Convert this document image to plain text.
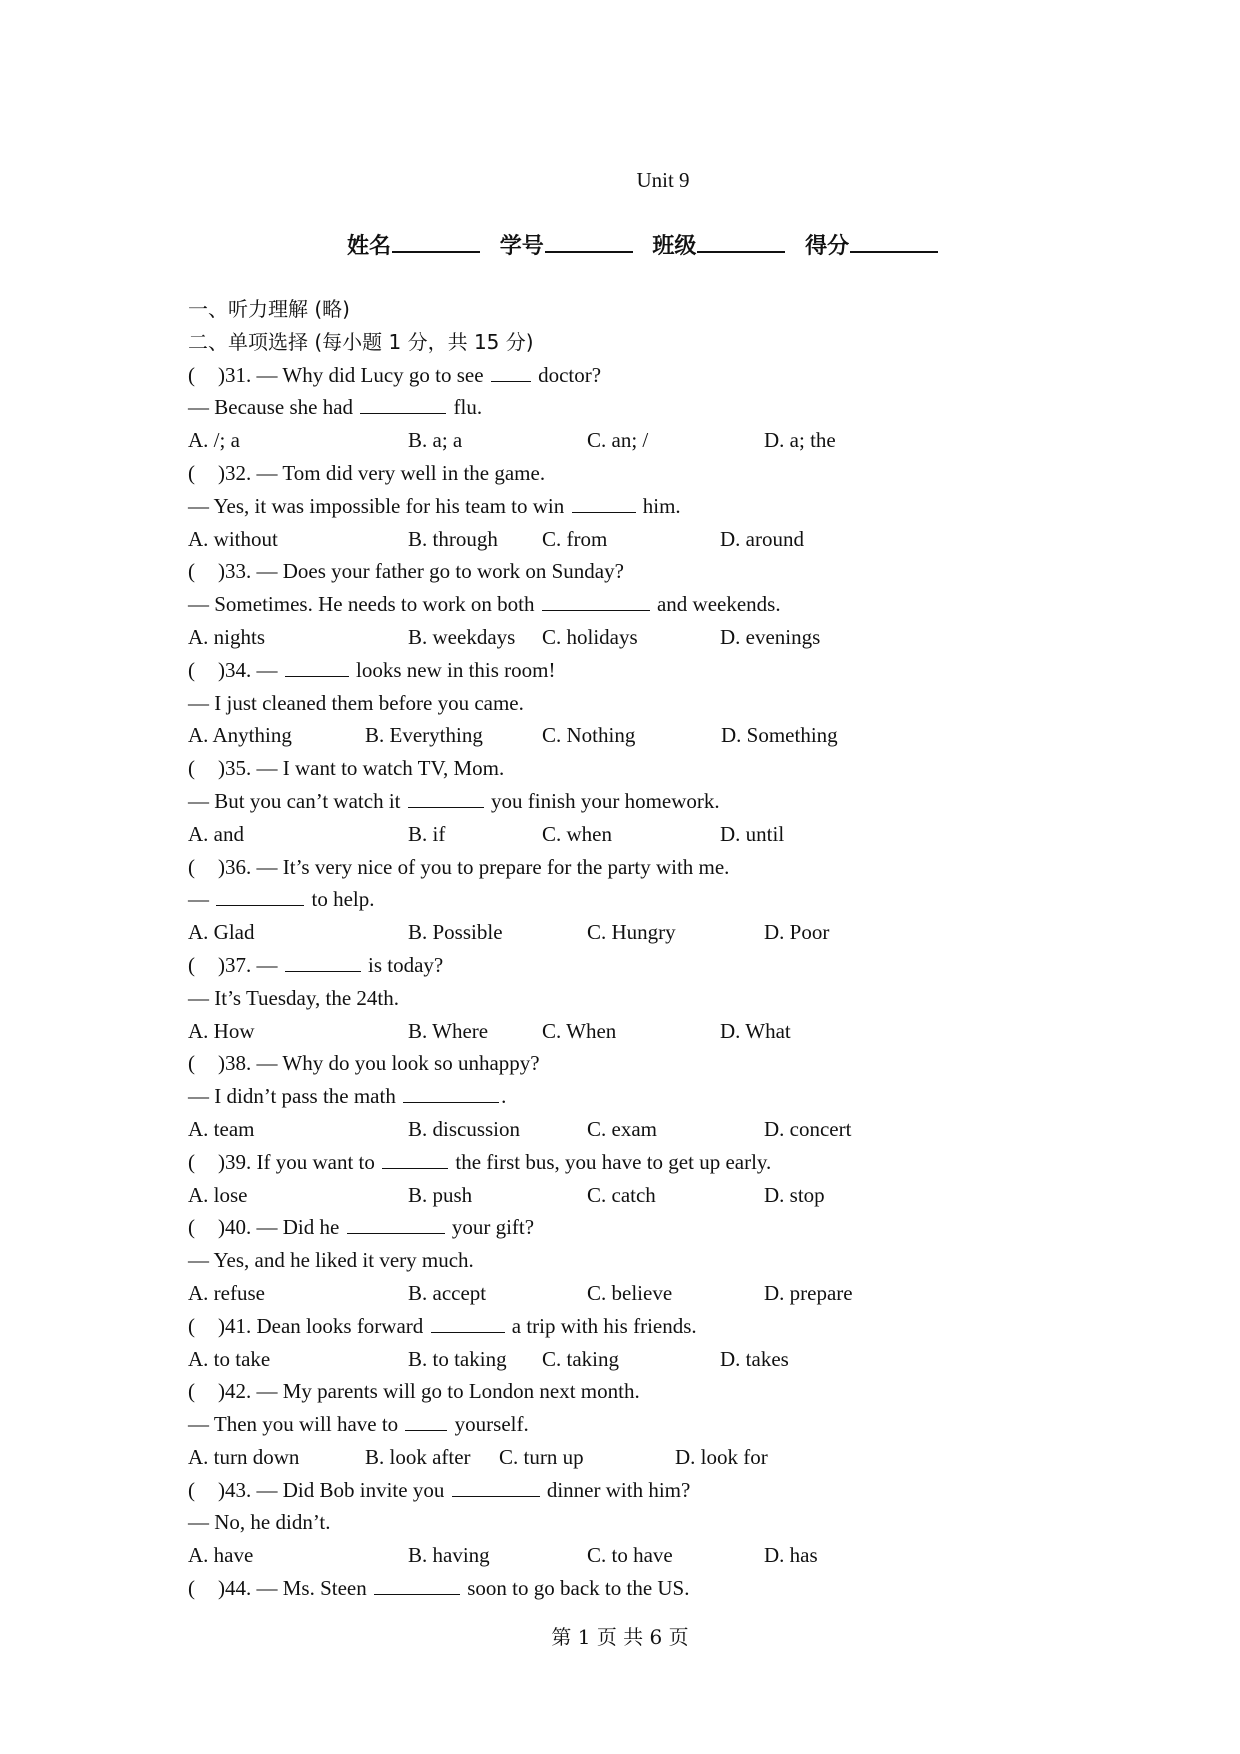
Unit 9
姓名	学号	班级	得分
一、听力理解 (略)
二、单项选择 (每小题 1 分，共 15 分)
( )31. — Why did Lucy go to see  doctor?
— Because she had	flu.
A. /; a	B. a; a	C. an; /	D. a; the
( )32. — Tom did very well in the game.
— Yes, it was impossible for his team to win	him.
A. without	B. through C. from	D. around
( )33. — Does your father go to work on Sunday?
— Sometimes. He needs to work on both	and weekends.
A. nights	B. weekdays C. holidays	D. evenings
( )34. —	looks new in this room!
— I just cleaned them before you came.
A. Anything	B. Everything	C. Nothing	D. Something
( )35. — I want to watch TV, Mom.
— But you can’t watch it	you finish your homework.
A. and	B. if	C. when	D. until
( )36. — It’s very nice of you to prepare for the party with me.
—	to help.
A. Glad	B. Possible	C. Hungry	D. Poor
( )37. —	is today?
— It’s Tuesday, the 24th.
A. How	B. Where	C. When	D. What
( )38. — Why do you look so unhappy?
— I didn’t pass the math	.
A. team	B. discussion	C. exam	D. concert
( )39. If you want to	the first bus, you have to get up early.
A. lose	B. push	C. catch	D. stop
( )40. — Did he	your gift?
— Yes, and he liked it very much.
A. refuse	B. accept	C. believe	D. prepare
( )41. Dean looks forward	a trip with his friends.
A. to take	B. to taking C. taking	D. takes
( )42. — My parents will go to London next month.
— Then you will have to  yourself.
A. turn down	B. look after C. turn up	D. look for
( )43. — Did Bob invite you	dinner with him?
— No, he didn’t.
A. have	B. having	C. to have	D. has
( )44. — Ms. Steen	soon to go back to the US.
第 1 页 共 6 页
